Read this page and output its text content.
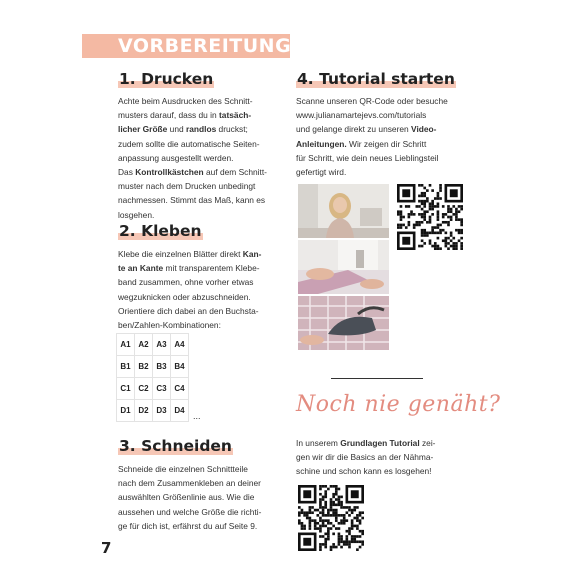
VORBEREITUNG
1. Drucken
Achte beim Ausdrucken des Schnitt-
musters darauf, dass du in tatsäch-
licher Größe und randlos druckst;
zudem sollte die automatische Seiten-
anpassung ausgestellt werden.
Das Kontrollkästchen auf dem Schnitt-
muster nach dem Drucken unbedingt
nachmessen. Stimmt das Maß, kann es
losgehen.
2. Kleben
Klebe die einzelnen Blätter direkt Kan-
te an Kante mit transparentem Klebe-
band zusammen, ohne vorher etwas
wegzuknicken oder abzuschneiden.
Orientiere dich dabei an den Buchsta-
ben/Zahlen-Kombinationen:
A1	A2	A3	A4
B1	B2	B3	B4
C1	C2	C3	C4
D1	D2	D3	D4
...
3. Schneiden
Schneide die einzelnen Schnittteile
nach dem Zusammenkleben an deiner
auswählten Größenlinie aus. Wie die
aussehen und welche Größe die richti-
ge für dich ist, erfährst du auf Seite 9.
4. Tutorial starten
Scanne unseren QR-Code oder besuche
www.julianamartejevs.com/tutorials
und gelange direkt zu unseren Video-
Anleitungen. Wir zeigen dir Schritt
für Schritt, wie dein neues Lieblingsteil
gefertigt wird.
Noch nie genäht?
In unserem Grundlagen Tutorial zei-
gen wir dir die Basics an der Nähma-
schine und schon kann es losgehen!
7
